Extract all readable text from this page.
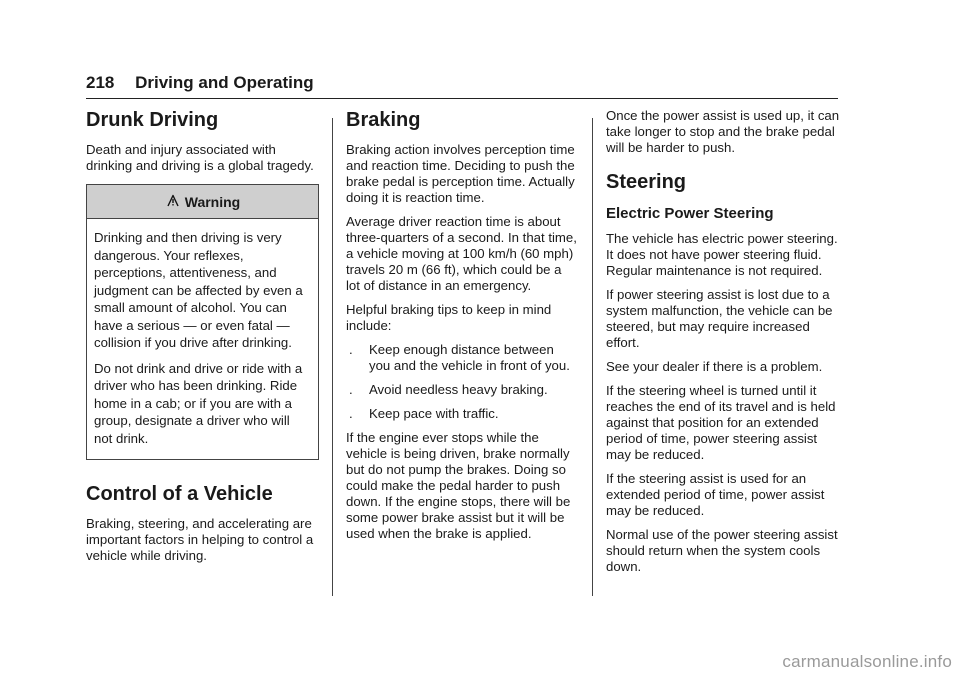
218 Driving and Operating
Drunk Driving

Death and injury associated with drinking and driving is a global tragedy.

Warning

Drinking and then driving is very dangerous. Your reflexes, perceptions, attentiveness, and judgment can be affected by even a small amount of alcohol. You can have a serious — or even fatal — collision if you drive after drinking.

Do not drink and drive or ride with a driver who has been drinking. Ride home in a cab; or if you are with a group, designate a driver who will not drink.

Control of a Vehicle

Braking, steering, and accelerating are important factors in helping to control a vehicle while driving.

Braking

Braking action involves perception time and reaction time. Deciding to push the brake pedal is perception time. Actually doing it is reaction time.

Average driver reaction time is about three-quarters of a second. In that time, a vehicle moving at 100 km/h (60 mph) travels 20 m (66 ft), which could be a lot of distance in an emergency.

Helpful braking tips to keep in mind include:

.	Keep enough distance between you and the vehicle in front of you.
.	Avoid needless heavy braking.
.	Keep pace with traffic.

If the engine ever stops while the vehicle is being driven, brake normally but do not pump the brakes. Doing so could make the pedal harder to push down. If the engine stops, there will be some power brake assist but it will be used when the brake is applied.

Once the power assist is used up, it can take longer to stop and the brake pedal will be harder to push.

Steering
Electric Power Steering

The vehicle has electric power steering. It does not have power steering fluid. Regular maintenance is not required.

If power steering assist is lost due to a system malfunction, the vehicle can be steered, but may require increased effort.

See your dealer if there is a problem.

If the steering wheel is turned until it reaches the end of its travel and is held against that position for an extended period of time, power steering assist may be reduced.

If the steering assist is used for an extended period of time, power assist may be reduced.

Normal use of the power steering assist should return when the system cools down.

carmanualsonline.info
